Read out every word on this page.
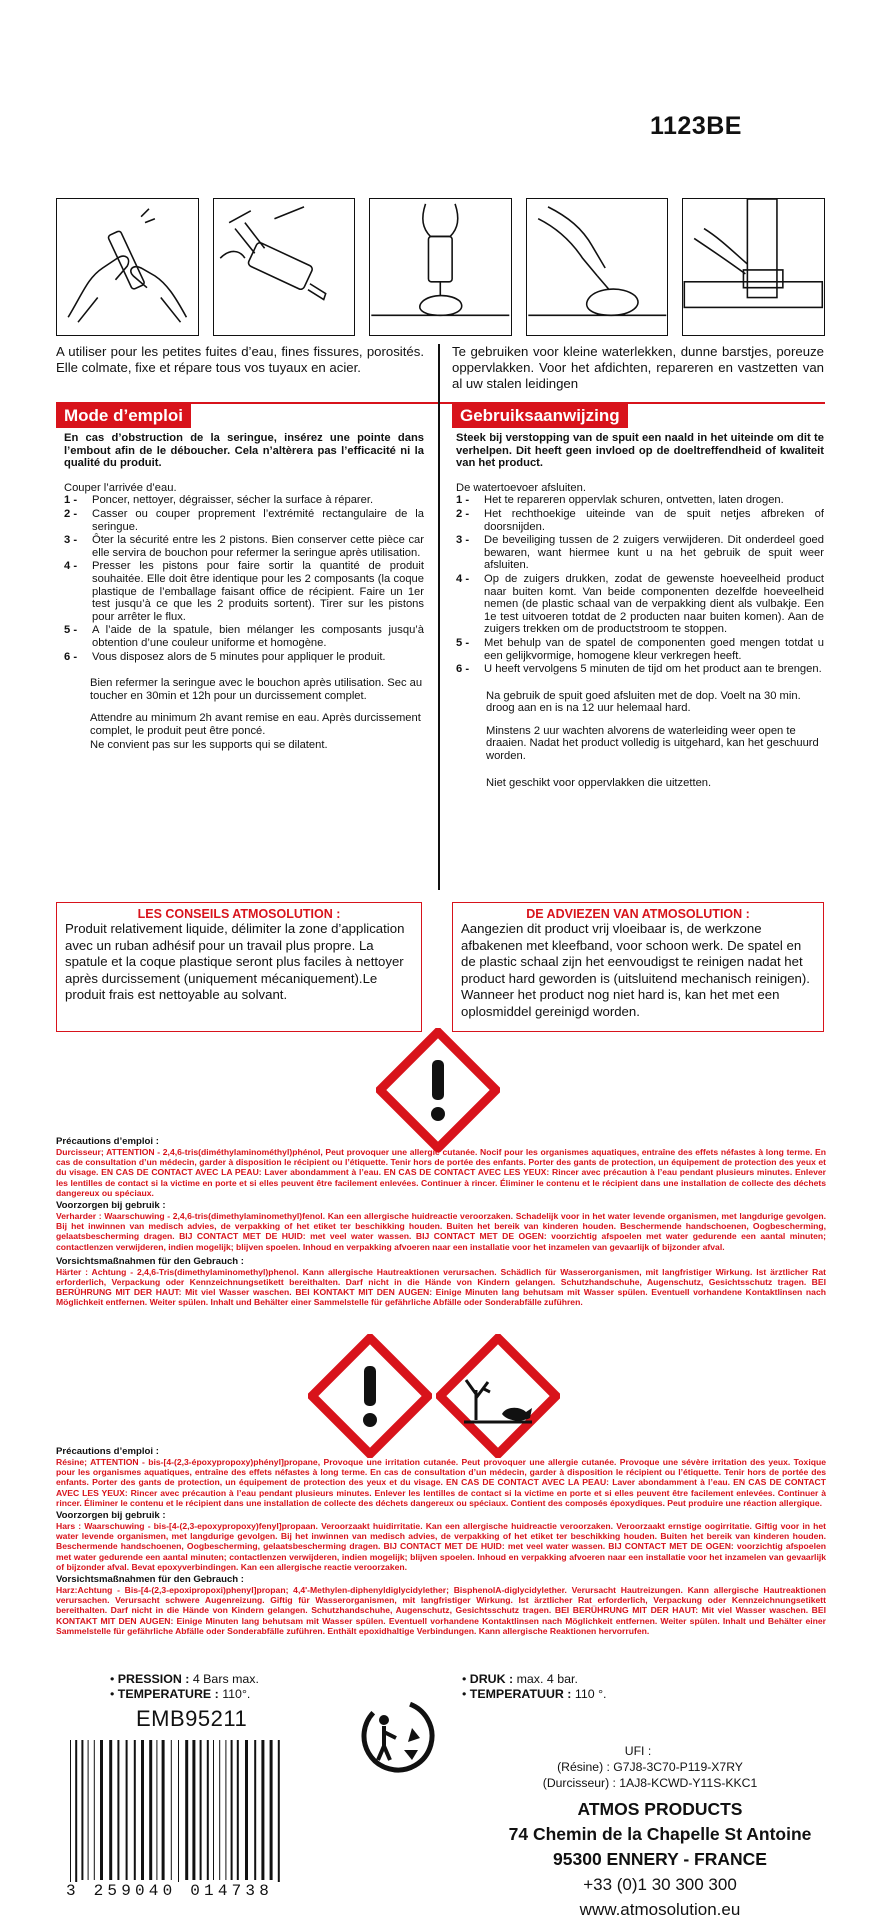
1123BE
A utiliser pour les petites fuites d’eau, fines fissures, porosités. Elle colmate, fixe et répare tous vos tuyaux en acier.
Te gebruiken voor kleine waterlekken, dunne barstjes, poreuze oppervlakken. Voor het afdichten, repareren en vastzetten van al uw stalen leidingen
Mode d’emploi
En cas d’obstruction de la seringue, insérez une pointe dans l’embout afin de le déboucher. Cela n’altèrera pas l’efficacité ni la qualité du produit.
Couper l’arrivée d’eau.
1 -	Poncer, nettoyer, dégraisser, sécher la surface à réparer.
2 -	Casser ou couper proprement l’extrémité rectangulaire de la seringue.
3 -	Ôter la sécurité entre les 2 pistons. Bien conserver cette pièce car elle servira de bouchon pour refermer la seringue après utilisation.
4 -	Presser les pistons pour faire sortir la quantité de produit souhaitée. Elle doit être identique pour les 2 composants (la coque plastique de l’emballage faisant office de récipient. Faire un 1er test jusqu’à ce que les 2 produits sortent). Tirer sur les pistons pour arrêter le flux.
5 -	A l’aide de la spatule, bien mélanger les composants jusqu’à obtention d’une couleur uniforme et homogène.
6 -	Vous disposez alors de 5 minutes pour appliquer le produit.
Bien refermer la seringue avec le bouchon après utilisation. Sec au toucher en 30min et 12h pour un durcissement complet.
Attendre au minimum 2h avant remise en eau. Après durcissement complet, le produit peut être poncé.
Ne convient pas sur les supports qui se dilatent.
Gebruiksaanwijzing
Steek bij verstopping van de spuit een naald in het uiteinde om dit te verhelpen. Dit heeft geen invloed op de doeltreffendheid of kwaliteit van het product.
De watertoevoer afsluiten.
1 -	Het te repareren oppervlak schuren, ontvetten, laten drogen.
2 -	Het rechthoekige uiteinde van de spuit netjes afbreken of doorsnijden.
3 -	De beveiliging tussen de 2 zuigers verwijderen. Dit onderdeel goed bewaren, want hiermee kunt u na het gebruik de spuit weer afsluiten.
4 -	Op de zuigers drukken, zodat de gewenste hoeveelheid product naar buiten komt. Van beide componenten dezelfde hoeveelheid nemen (de plastic schaal van de verpakking dient als vulbakje. Een 1e test uitvoeren totdat de 2 producten naar buiten komen). Aan de zuigers trekken om de productstroom te stoppen.
5 -	Met behulp van de spatel de componenten goed mengen totdat u een gelijkvormige, homogene kleur verkregen heeft.
6 -	U heeft vervolgens 5 minuten de tijd om het product aan te brengen.
Na gebruik de spuit goed afsluiten met de dop. Voelt na 30 min. droog aan en is na 12 uur helemaal hard.
Minstens 2 uur wachten alvorens de waterleiding weer open te draaien. Nadat het product volledig is uitgehard, kan het geschuurd worden.
Niet geschikt voor oppervlakken die uitzetten.
LES CONSEILS ATMOSOLUTION :
Produit relativement liquide, délimiter la zone d’application avec un ruban adhésif pour un travail plus propre. La spatule et la coque plastique seront plus faciles à nettoyer après durcissement (uniquement mécaniquement).Le produit frais est nettoyable au solvant.
DE ADVIEZEN VAN ATMOSOLUTION :
Aangezien dit product vrij vloeibaar is, de werkzone afbakenen met kleefband, voor schoon werk. De spatel en de plastic schaal zijn het eenvoudigst te reinigen nadat het product hard geworden is (uitsluitend mechanisch reinigen). Wanneer het product nog niet hard is, kan het met een oplosmiddel gereinigd worden.
Précautions d’emploi :
Durcisseur; ATTENTION - 2,4,6-tris(diméthylaminométhyl)phénol, Peut provoquer une allergie cutanée. Nocif pour les organismes aquatiques, entraîne des effets néfastes à long terme. En cas de consultation d’un médecin, garder à disposition le récipient ou l’étiquette. Tenir hors de portée des enfants. Porter des gants de protection, un équipement de protection des yeux et du visage. EN CAS DE CONTACT AVEC LA PEAU: Laver abondamment à l’eau. EN CAS DE CONTACT AVEC LES YEUX: Rincer avec précaution à l’eau pendant plusieurs minutes. Enlever les lentilles de contact si la victime en porte et si elles peuvent être facilement enlevées. Continuer à rincer. Éliminer le contenu et le récipient dans une installation de collecte des déchets dangereux ou spéciaux.
Voorzorgen bij gebruik :
Verharder : Waarschuwing - 2,4,6-tris(dimethylaminomethyl)fenol. Kan een allergische huidreactie veroorzaken. Schadelijk voor in het water levende organismen, met langdurige gevolgen. Bij het inwinnen van medisch advies, de verpakking of het etiket ter beschikking houden. Buiten het bereik van kinderen houden. Beschermende handschoenen, Oogbescherming, gelaatsbescherming dragen. BIJ CONTACT MET DE HUID: met veel water wassen. BIJ CONTACT MET DE OGEN: voorzichtig afspoelen met water gedurende een aantal minuten; contactlenzen verwijderen, indien mogelijk; blijven spoelen. Inhoud en verpakking afvoeren naar een installatie voor het inzamelen van gevaarlijk of bijzonder afval.
Vorsichtsmaßnahmen für den Gebrauch :
Härter : Achtung - 2,4,6-Tris(dimethylaminomethyl)phenol. Kann allergische Hautreaktionen verursachen. Schädlich für Wasserorganismen, mit langfristiger Wirkung. Ist ärztlicher Rat erforderlich, Verpackung oder Kennzeichnungsetikett bereithalten. Darf nicht in die Hände von Kindern gelangen. Schutzhandschuhe, Augenschutz, Gesichtsschutz tragen. BEI BERÜHRUNG MIT DER HAUT: Mit viel Wasser waschen. BEI KONTAKT MIT DEN AUGEN: Einige Minuten lang behutsam mit Wasser spülen. Eventuell vorhandene Kontaktlinsen nach Möglichkeit entfernen. Weiter spülen. Inhalt und Behälter einer Sammelstelle für gefährliche Abfälle oder Sonderabfälle zuführen.
Précautions d’emploi :
Résine; ATTENTION - bis-[4-(2,3-époxypropoxy)phényl]propane, Provoque une irritation cutanée. Peut provoquer une allergie cutanée. Provoque une sévère irritation des yeux. Toxique pour les organismes aquatiques, entraîne des effets néfastes à long terme. En cas de consultation d’un médecin, garder à disposition le récipient ou l’étiquette. Tenir hors de portée des enfants. Porter des gants de protection, un équipement de protection des yeux et du visage. EN CAS DE CONTACT AVEC LA PEAU: Laver abondamment à l’eau. EN CAS DE CONTACT AVEC LES YEUX: Rincer avec précaution à l’eau pendant plusieurs minutes. Enlever les lentilles de contact si la victime en porte et si elles peuvent être facilement enlevées. Continuer à rincer. Éliminer le contenu et le récipient dans une installation de collecte des déchets dangereux ou spéciaux. Contient des composés époxydiques. Peut produire une réaction allergique.
Voorzorgen bij gebruik :
Hars : Waarschuwing - bis-[4-(2,3-epoxypropoxy)fenyl]propaan. Veroorzaakt huidirritatie. Kan een allergische huidreactie veroorzaken. Veroorzaakt ernstige oogirritatie. Giftig voor in het water levende organismen, met langdurige gevolgen. Bij het inwinnen van medisch advies, de verpakking of het etiket ter beschikking houden. Buiten het bereik van kinderen houden. Beschermende handschoenen, Oogbescherming, gelaatsbescherming dragen. BIJ CONTACT MET DE HUID: met veel water wassen. BIJ CONTACT MET DE OGEN: voorzichtig afspoelen met water gedurende een aantal minuten; contactlenzen verwijderen, indien mogelijk; blijven spoelen. Inhoud en verpakking afvoeren naar een installatie voor het inzamelen van gevaarlijk of bijzonder afval. Bevat epoxyverbindingen. Kan een allergische reactie veroorzaken.
Vorsichtsmaßnahmen für den Gebrauch :
Harz:Achtung - Bis-[4-(2,3-epoxipropoxi)phenyl]propan; 4,4'-Methylen-diphenyldiglycidylether; BisphenolA-diglycidylether. Verursacht Hautreizungen. Kann allergische Hautreaktionen verursachen. Verursacht schwere Augenreizung. Giftig für Wasserorganismen, mit langfristiger Wirkung. Ist ärztlicher Rat erforderlich, Verpackung oder Kennzeichnungsetikett bereithalten. Darf nicht in die Hände von Kindern gelangen. Schutzhandschuhe, Augenschutz, Gesichtsschutz tragen. BEI BERÜHRUNG MIT DER HAUT: Mit viel Wasser waschen. BEI KONTAKT MIT DEN AUGEN: Einige Minuten lang behutsam mit Wasser spülen. Eventuell vorhandene Kontaktlinsen nach Möglichkeit entfernen. Weiter spülen. Inhalt und Behälter einer Sammelstelle für gefährliche Abfälle oder Sonderabfälle zuführen. Enthält epoxidhaltige Verbindungen. Kann allergische Reaktionen hervorrufen.
• PRESSION : 4 Bars max.
• TEMPERATURE : 110°.
• DRUK : max. 4 bar.
• TEMPERATUUR : 110 °.
EMB95211
3 259040 014738
UFI :
(Résine) : G7J8-3C70-P119-X7RY
(Durcisseur) : 1AJ8-KCWD-Y11S-KKC1
ATMOS PRODUCTS
74 Chemin de la Chapelle St Antoine
95300 ENNERY - FRANCE
+33 (0)1 30 300 300
www.atmosolution.eu
